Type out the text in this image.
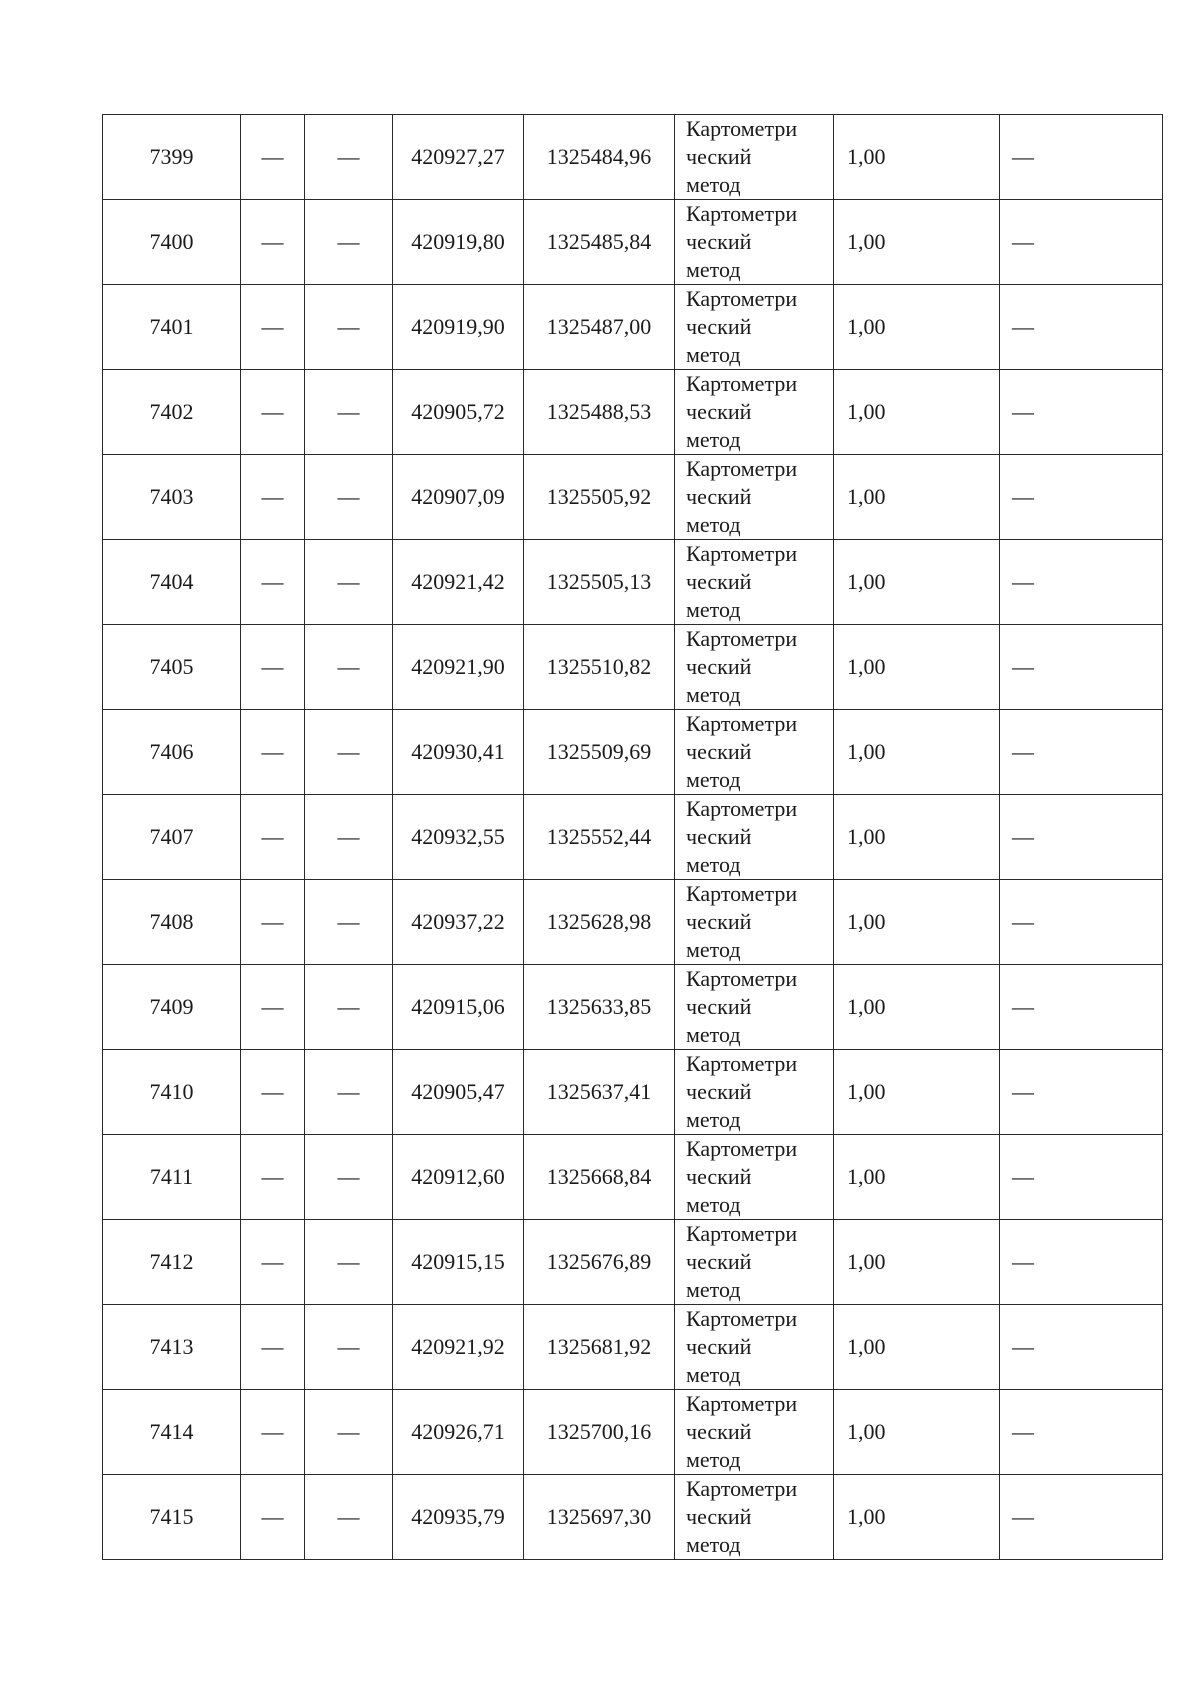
7399	—	—	420927,27	1325484,96	Картометри
ческий
метод	1,00	—
7400	—	—	420919,80	1325485,84	Картометри
ческий
метод	1,00	—
7401	—	—	420919,90	1325487,00	Картометри
ческий
метод	1,00	—
7402	—	—	420905,72	1325488,53	Картометри
ческий
метод	1,00	—
7403	—	—	420907,09	1325505,92	Картометри
ческий
метод	1,00	—
7404	—	—	420921,42	1325505,13	Картометри
ческий
метод	1,00	—
7405	—	—	420921,90	1325510,82	Картометри
ческий
метод	1,00	—
7406	—	—	420930,41	1325509,69	Картометри
ческий
метод	1,00	—
7407	—	—	420932,55	1325552,44	Картометри
ческий
метод	1,00	—
7408	—	—	420937,22	1325628,98	Картометри
ческий
метод	1,00	—
7409	—	—	420915,06	1325633,85	Картометри
ческий
метод	1,00	—
7410	—	—	420905,47	1325637,41	Картометри
ческий
метод	1,00	—
7411	—	—	420912,60	1325668,84	Картометри
ческий
метод	1,00	—
7412	—	—	420915,15	1325676,89	Картометри
ческий
метод	1,00	—
7413	—	—	420921,92	1325681,92	Картометри
ческий
метод	1,00	—
7414	—	—	420926,71	1325700,16	Картометри
ческий
метод	1,00	—
7415	—	—	420935,79	1325697,30	Картометри
ческий
метод	1,00	—
